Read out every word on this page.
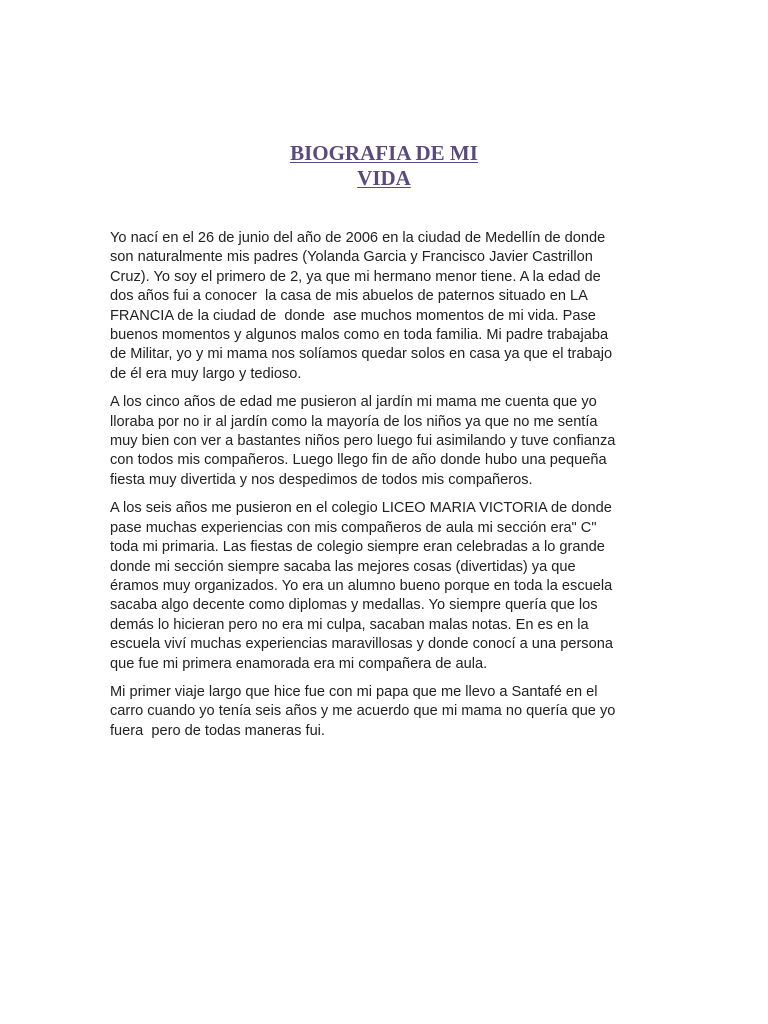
BIOGRAFIA DE MI
VIDA

Yo nací en el 26 de junio del año de 2006 en la ciudad de Medellín de donde
son naturalmente mis padres (Yolanda Garcia y Francisco Javier Castrillon
Cruz). Yo soy el primero de 2, ya que mi hermano menor tiene. A la edad de
dos años fui a conocer  la casa de mis abuelos de paternos situado en LA
FRANCIA de la ciudad de  donde  ase muchos momentos de mi vida. Pase
buenos momentos y algunos malos como en toda familia. Mi padre trabajaba
de Militar, yo y mi mama nos solíamos quedar solos en casa ya que el trabajo
de él era muy largo y tedioso.

A los cinco años de edad me pusieron al jardín mi mama me cuenta que yo
lloraba por no ir al jardín como la mayoría de los niños ya que no me sentía
muy bien con ver a bastantes niños pero luego fui asimilando y tuve confianza
con todos mis compañeros. Luego llego fin de año donde hubo una pequeña
fiesta muy divertida y nos despedimos de todos mis compañeros.

A los seis años me pusieron en el colegio LICEO MARIA VICTORIA de donde
pase muchas experiencias con mis compañeros de aula mi sección era" C"
toda mi primaria. Las fiestas de colegio siempre eran celebradas a lo grande
donde mi sección siempre sacaba las mejores cosas (divertidas) ya que
éramos muy organizados. Yo era un alumno bueno porque en toda la escuela
sacaba algo decente como diplomas y medallas. Yo siempre quería que los
demás lo hicieran pero no era mi culpa, sacaban malas notas. En es en la
escuela viví muchas experiencias maravillosas y donde conocí a una persona
que fue mi primera enamorada era mi compañera de aula.

Mi primer viaje largo que hice fue con mi papa que me llevo a Santafé en el
carro cuando yo tenía seis años y me acuerdo que mi mama no quería que yo
fuera  pero de todas maneras fui.
